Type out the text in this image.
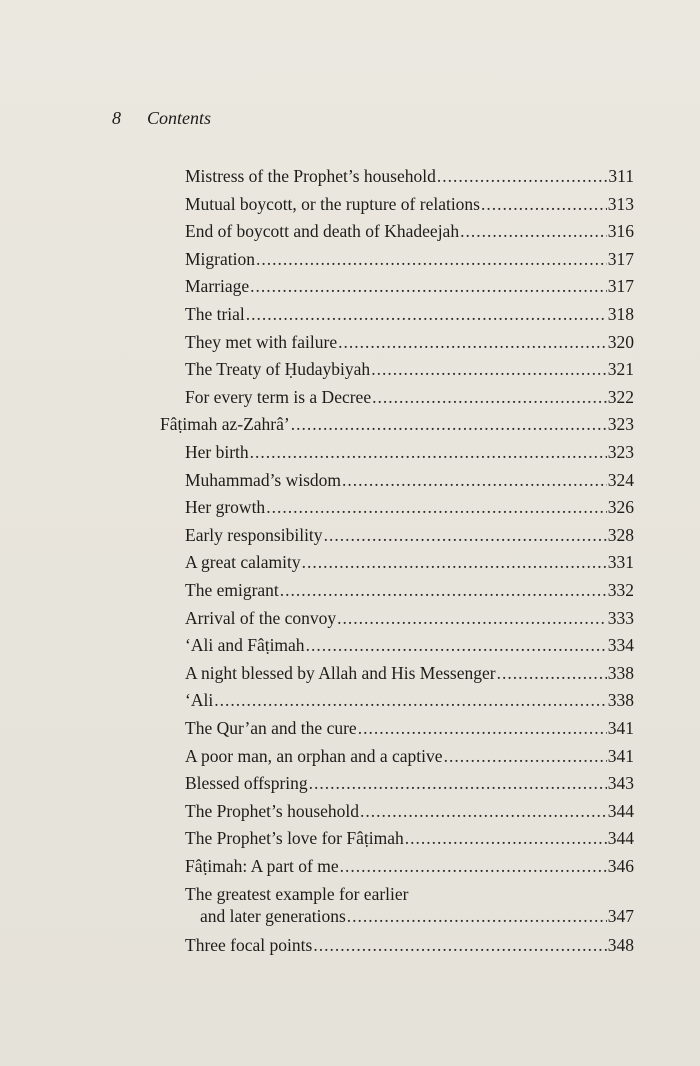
8 Contents
Mistress of the Prophet’s household .....	311
Mutual boycott, or the rupture of relations .....	313
End of boycott and death of Khadeejah .....	316
Migration .....	317
Marriage .....	317
The trial .....	318
They met with failure .....	320
The Treaty of Ḥudaybiyah .....	321
For every term is a Decree .....	322
Fâṭimah az-Zahrâ’ .....	323
Her birth .....	323
Muhammad’s wisdom .....	324
Her growth .....	326
Early responsibility .....	328
A great calamity .....	331
The emigrant .....	332
Arrival of the convoy .....	333
‘Ali and Fâṭimah .....	334
A night blessed by Allah and His Messenger .....	338
‘Ali .....	338
The Qur’an and the cure .....	341
A poor man, an orphan and a captive .....	341
Blessed offspring .....	343
The Prophet’s household .....	344
The Prophet’s love for Fâṭimah .....	344
Fâṭimah: A part of me .....	346
The greatest example for earlier
and later generations .....	347
Three focal points .....	348
